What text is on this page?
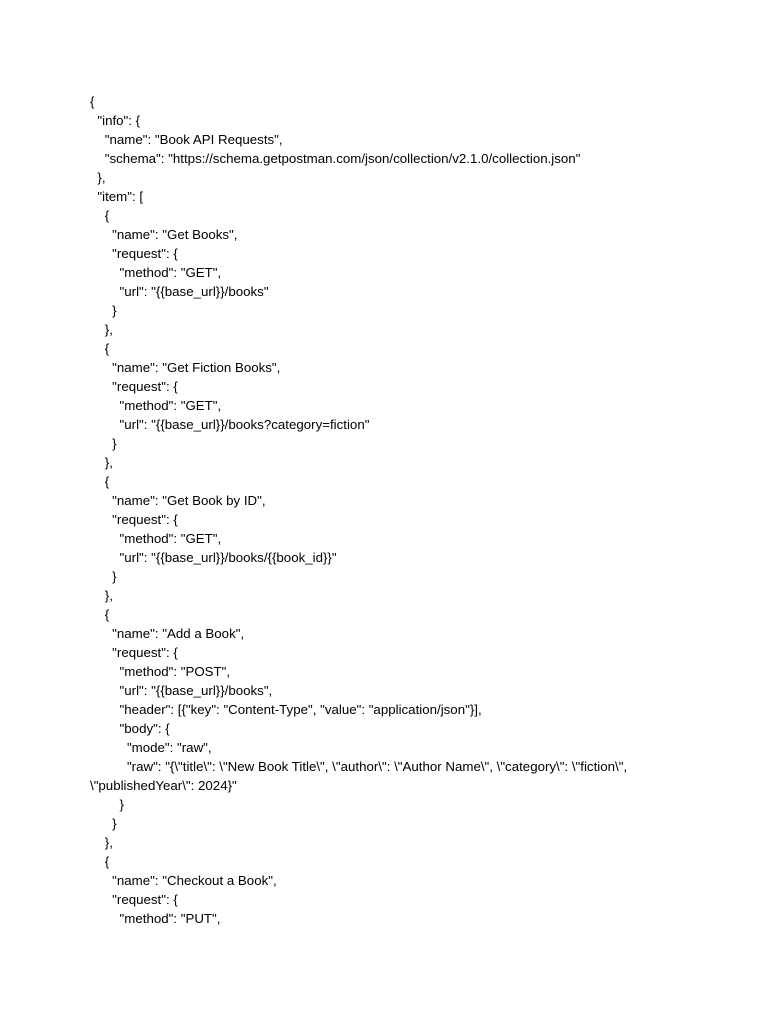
{
"info": {
"name": "Book API Requests",
"schema": "https://schema.getpostman.com/json/collection/v2.1.0/collection.json"
},
"item": [
{
"name": "Get Books",
"request": {
"method": "GET",
"url": "{{base_url}}/books"
}
},
{
"name": "Get Fiction Books",
"request": {
"method": "GET",
"url": "{{base_url}}/books?category=fiction"
}
},
{
"name": "Get Book by ID",
"request": {
"method": "GET",
"url": "{{base_url}}/books/{{book_id}}"
}
},
{
"name": "Add a Book",
"request": {
"method": "POST",
"url": "{{base_url}}/books",
"header": [{"key": "Content-Type", "value": "application/json"}],
"body": {
"mode": "raw",
"raw": "{\"title\": \"New Book Title\", \"author\": \"Author Name\", \"category\": \"fiction\",
\"publishedYear\": 2024}"
}
}
},
{
"name": "Checkout a Book",
"request": {
"method": "PUT",
